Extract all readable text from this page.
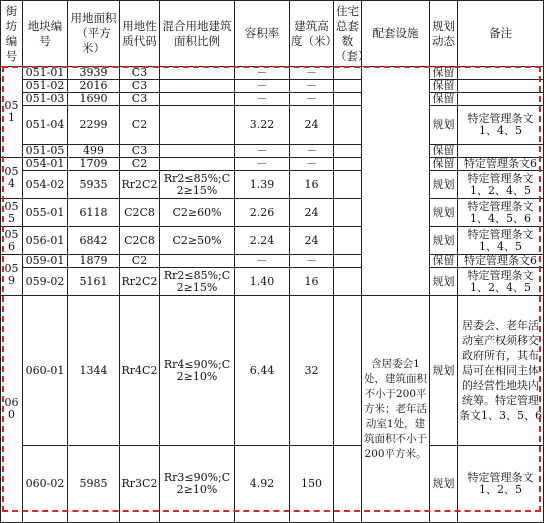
街坊编号	地块编号	用地面积（平方米）	用地性质代码	混合用地建筑面积比例	容积率	建筑高度（米）	住宅总套数（套）	配套设施	规划动态	备注
051	051-01	3939	C3		－	－			保留	
	051-02	2016	C3		－	－			保留	
	051-03	1690	C3		－	－			保留	
	051-04	2299	C2		3.22	24			规划	特定管理条文1、4、5
	051-05	499	C3		－	－			保留	
054	054-01	1709	C2		－	－			保留	特定管理条文6
	054-02	5935	Rr2C2	Rr2≤85%;C2≥15%	1.39	16			规划	特定管理条文1、2、4、5
055	055-01	6118	C2C8	C2≥60%	2.26	24			规划	特定管理条文1、4、5、6
056	056-01	6842	C2C8	C2≥50%	2.24	24			规划	特定管理条文1、4、5
059	059-01	1879	C2		－	－			保留	特定管理条文6
	059-02	5161	Rr2C2	Rr2≤85%;C2≥15%	1.40	16			规划	特定管理条文1、2、4、5
060	060-01	1344	Rr4C2	Rr4≤90%;C2≥10%	6.44	32		含居委会1处，建筑面积不小于200平方米；老年活动室1处，建筑面积不小于200平方米。	规划	居委会、老年活动室产权须移交政府所有，其布局可在相同主体的经营性地块内统筹。特定管理条文1、3、5、6
	060-02	5985	Rr3C2	Rr3≤90%;C2≥10%	4.92	150			规划	特定管理条文1、2、5
